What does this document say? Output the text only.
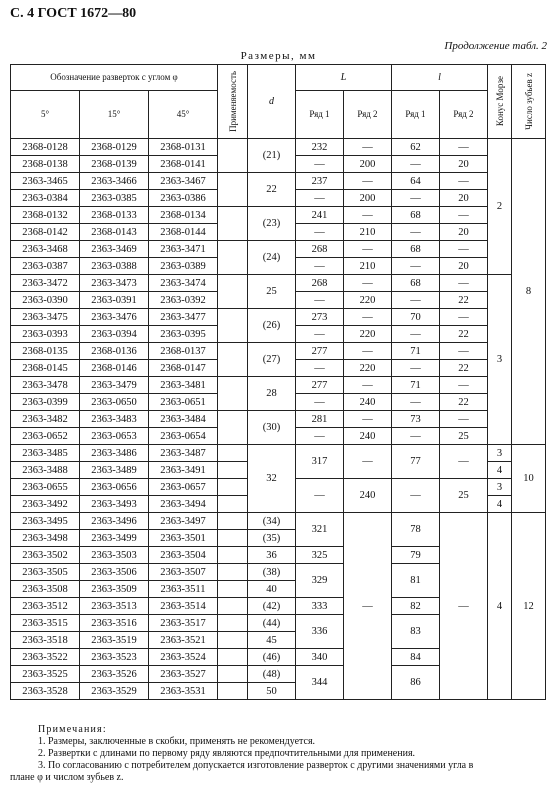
С. 4 ГОСТ 1672—80
Продолжение табл. 2
Размеры, мм
Обозначение разверток с углом φ			Применяемость	d	L		l		Конус Морзе	Число зубьев z

5°	15°	45°			Ряд 1	Ряд 2	Ряд 1	Ряд 2		
2368-0128	2368-0129	2368-0131		(21)	232	—	62	—	2	8
2368-0138	2368-0139	2368-0141			—	200	—	20		
2363-3465	2363-3466	2363-3467		22	237	—	64	—		
2363-0384	2363-0385	2363-0386			—	200	—	20		
2368-0132	2368-0133	2368-0134		(23)	241	—	68	—		
2368-0142	2368-0143	2368-0144			—	210	—	20		
2363-3468	2363-3469	2363-3471		(24)	268	—	68	—		
2363-0387	2363-0388	2363-0389			—	210	—	20		
2363-3472	2363-3473	2363-3474		25	268	—	68	—	3	
2363-0390	2363-0391	2363-0392			—	220	—	22		
2363-3475	2363-3476	2363-3477		(26)	273	—	70	—		
2363-0393	2363-0394	2363-0395			—	220	—	22		
2368-0135	2368-0136	2368-0137		(27)	277	—	71	—		
2368-0145	2368-0146	2368-0147			—	220	—	22		
2363-3478	2363-3479	2363-3481		28	277	—	71	—		
2363-0399	2363-0650	2363-0651			—	240	—	22		
2363-3482	2363-3483	2363-3484		(30)	281	—	73	—		
2363-0652	2363-0653	2363-0654			—	240	—	25		
2363-3485	2363-3486	2363-3487		32	317	—	77	—	3	10
2363-3488	2363-3489	2363-3491							4	
2363-0655	2363-0656	2363-0657			—	240	—	25	3	
2363-3492	2363-3493	2363-3494							4	
2363-3495	2363-3496	2363-3497		(34)	321	—	78	—	4	12
2363-3498	2363-3499	2363-3501		(35)						
2363-3502	2363-3503	2363-3504		36	325		79			
2363-3505	2363-3506	2363-3507		(38)	329		81			
2363-3508	2363-3509	2363-3511		40						
2363-3512	2363-3513	2363-3514		(42)	333		82			
2363-3515	2363-3516	2363-3517		(44)	336		83			
2363-3518	2363-3519	2363-3521		45						
2363-3522	2363-3523	2363-3524		(46)	340		84			
2363-3525	2363-3526	2363-3527		(48)	344		86			
2363-3528	2363-3529	2363-3531		50						
Примечания:
1. Размеры, заключенные в скобки, применять не рекомендуется.
2. Развертки с длинами по первому ряду являются предпочтительными для применения.
3. По согласованию с потребителем допускается изготовление разверток с другими значениями угла в
плане φ и числом зубьев z.
